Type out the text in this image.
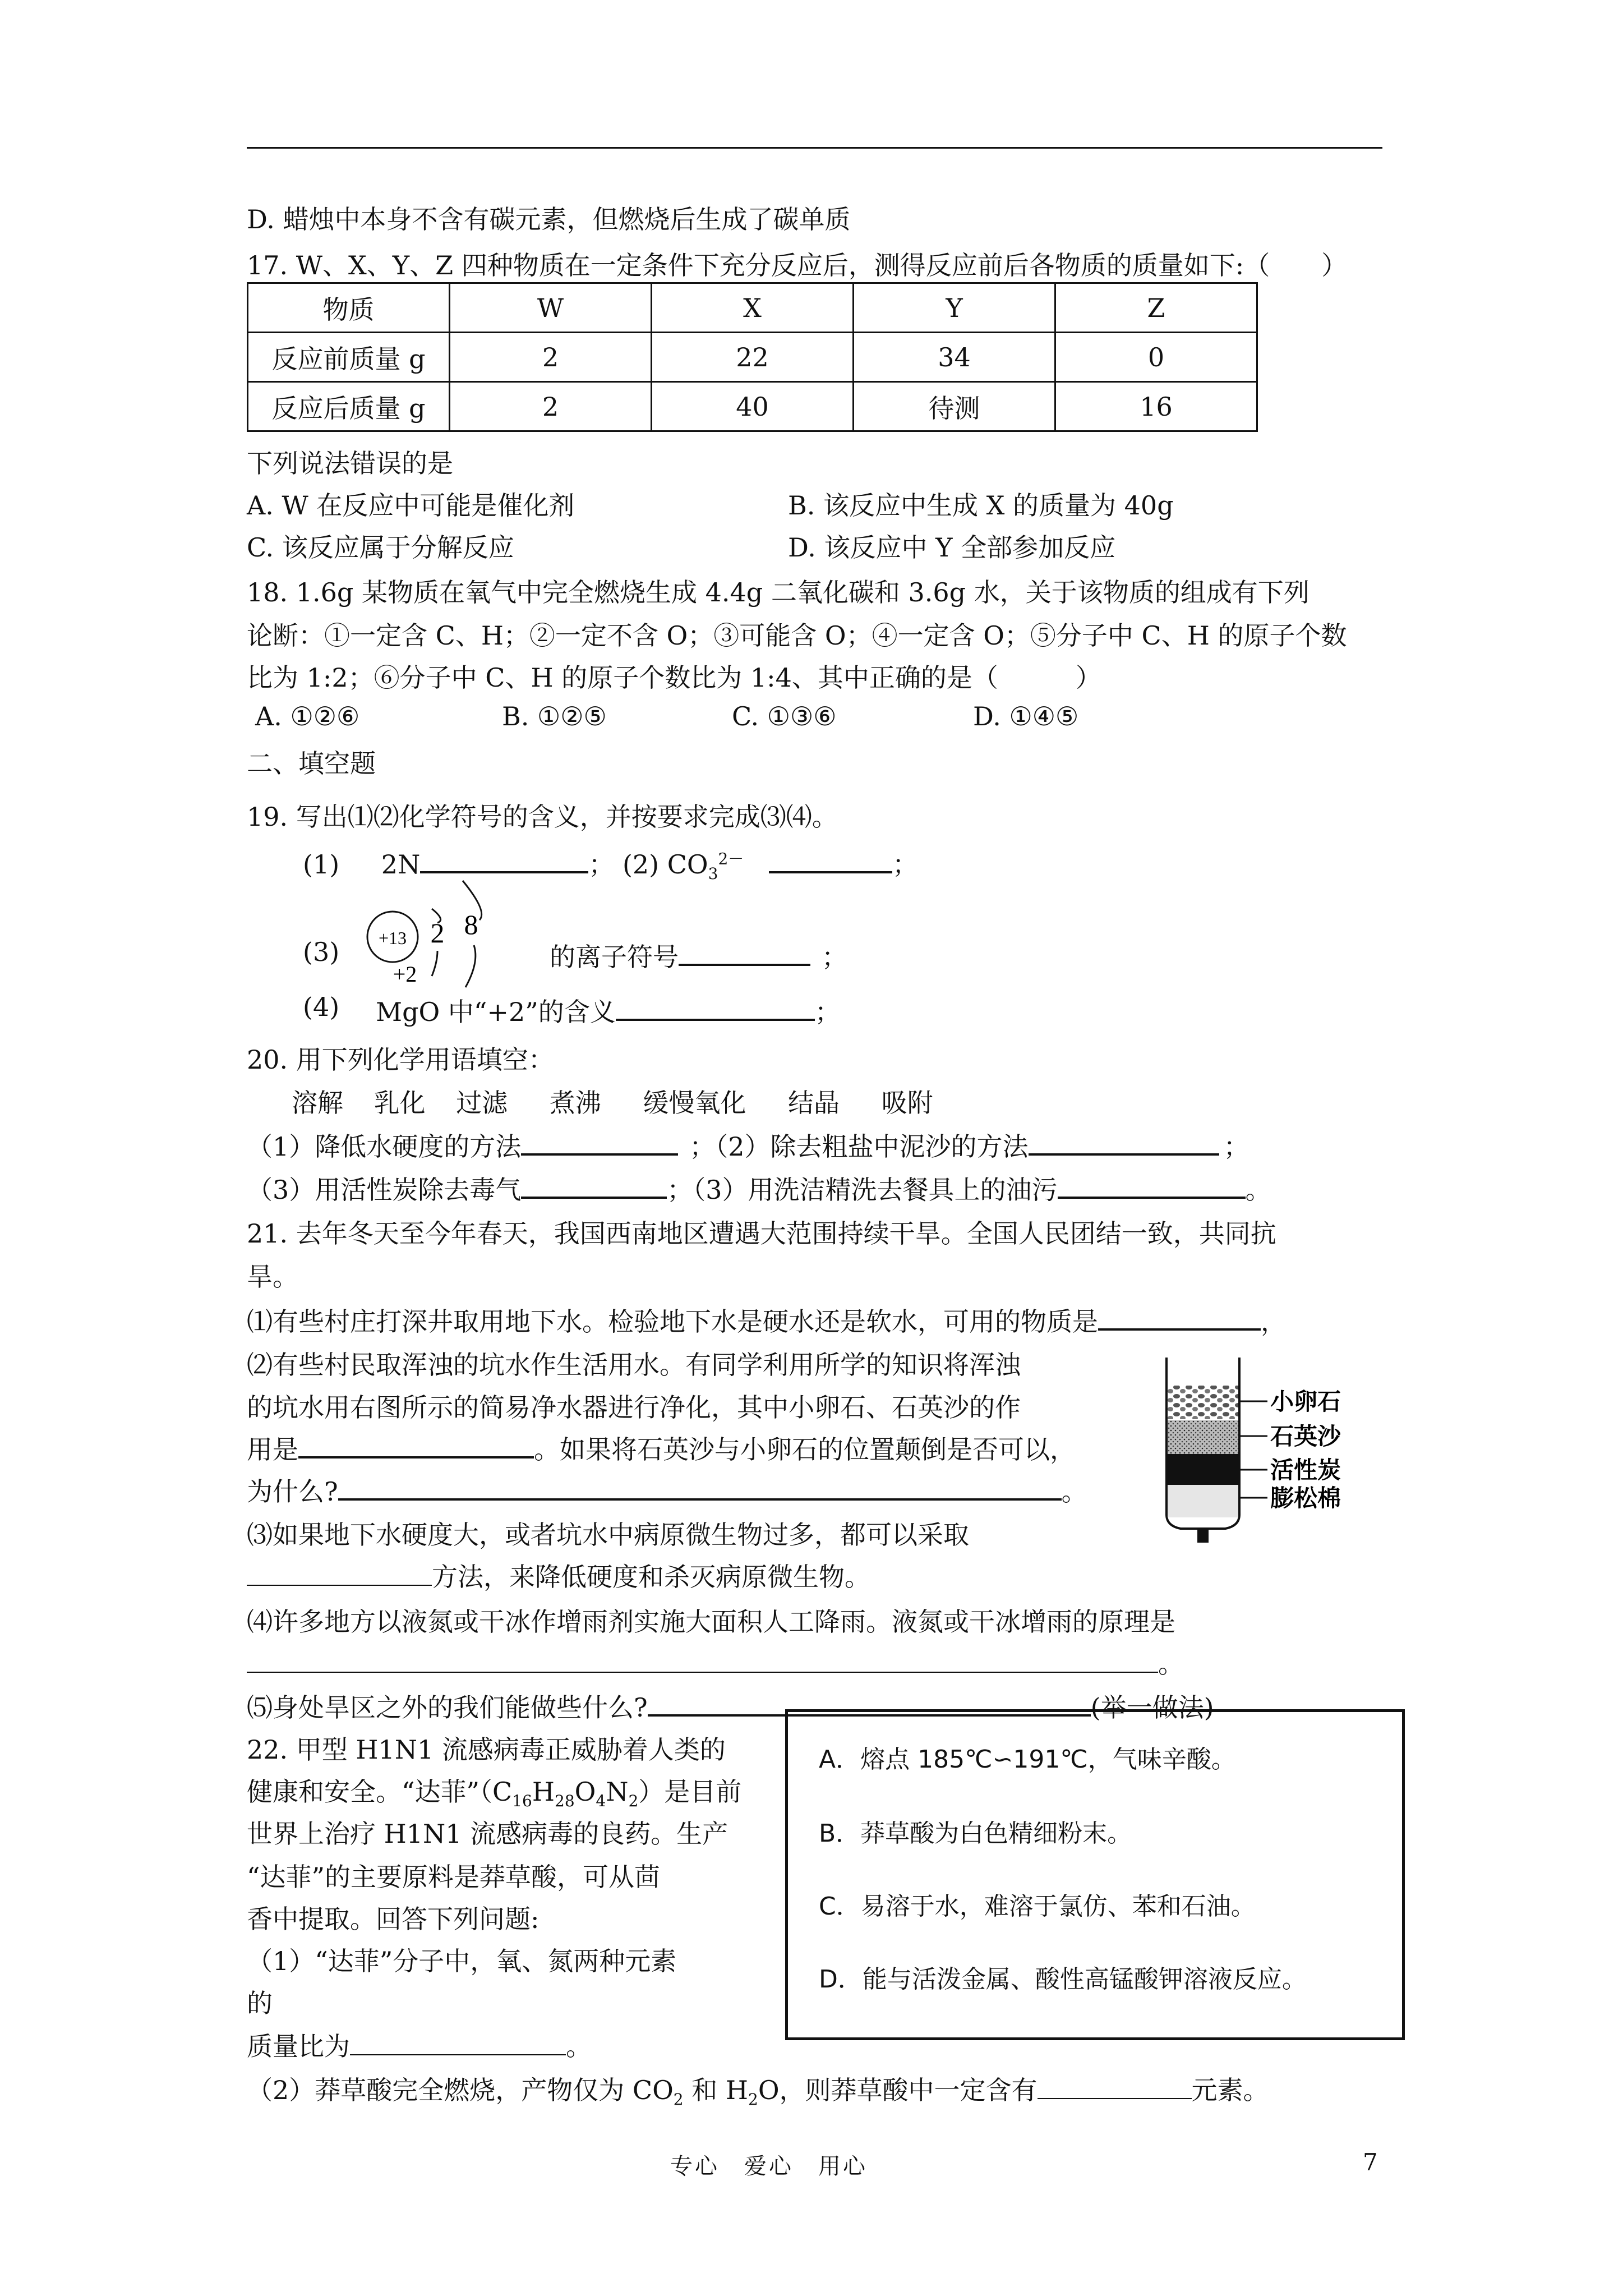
D. 蜡烛中本身不含有碳元素，但燃烧后生成了碳单质
17. W、X、Y、Z 四种物质在一定条件下充分反应后，测得反应前后各物质的质量如下:（　　）
物质	W	X	Y	Z
反应前质量 g	2	22	34	0
反应后质量 g	2	40	待测	16
下列说法错误的是
A. W 在反应中可能是催化剂	B. 该反应中生成 X 的质量为 40g
C. 该反应属于分解反应	D. 该反应中 Y 全部参加反应
18. 1.6g 某物质在氧气中完全燃烧生成 4.4g 二氧化碳和 3.6g 水，关于该物质的组成有下列
论断：①一定含 C、H；②一定不含 O；③可能含 O；④一定含 O；⑤分子中 C、H 的原子个数
比为 1:2；⑥分子中 C、H 的原子个数比为 1:4、其中正确的是（　　　）
A. ①②⑥	B. ①②⑤	C. ①③⑥	D. ①④⑤
二、填空题
19. 写出⑴⑵化学符号的含义，并按要求完成⑶⑷。
(1) 2N	； (2) $CO_3^{2-}$	；
(3) +13 2 8
+2
的离子符号	；
(4) MgO 中“+2”的含义	；
20. 用下列化学用语填空：
溶解 乳化 过滤 煮沸 缓慢氧化 结晶 吸附
（1）降低水硬度的方法	；（2）除去粗盐中泥沙的方法	；
（3）用活性炭除去毒气	；（3）用洗洁精洗去餐具上的油污	。
21. 去年冬天至今年春天，我国西南地区遭遇大范围持续干旱。全国人民团结一致，共同抗
旱。
⑴有些村庄打深井取用地下水。检验地下水是硬水还是软水，可用的物质是	，
⑵有些村民取浑浊的坑水作生活用水。有同学利用所学的知识将浑浊
的坑水用右图所示的简易净水器进行净化，其中小卵石、石英沙的作
用是	。如果将石英沙与小卵石的位置颠倒是否可以，
为什么?	。
⑶如果地下水硬度大，或者坑水中病原微生物过多，都可以采取
方法，来降低硬度和杀灭病原微生物。
⑷许多地方以液氮或干冰作增雨剂实施大面积人工降雨。液氮或干冰增雨的原理是
。
⑸身处旱区之外的我们能做些什么?	(举一做法)
小卵石
石英沙
活性炭
膨松棉
22. 甲型 H1N1 流感病毒正威胁着人类的
健康和安全。“达菲$”(C_{16}H_{28}O_4N_2)$是目前
世界上治疗 H1N1 流感病毒的良药。生产
“达菲”的主要原料是莽草酸，可从茴
香中提取。回答下列问题:
（1）“达菲”分子中，氧、氮两种元素
的
质量比为	。
（2）莽草酸完全燃烧，产物仅为 $CO_2$ 和 $H_2O$，则莽草酸中一定含有	元素。
A．熔点 185℃∽191℃，气味辛酸。
B．莽草酸为白色精细粉末。
C．易溶于水，难溶于氯仿、苯和石油。
D．能与活泼金属、酸性高锰酸钾溶液反应。
专心　爱心　用心	7
